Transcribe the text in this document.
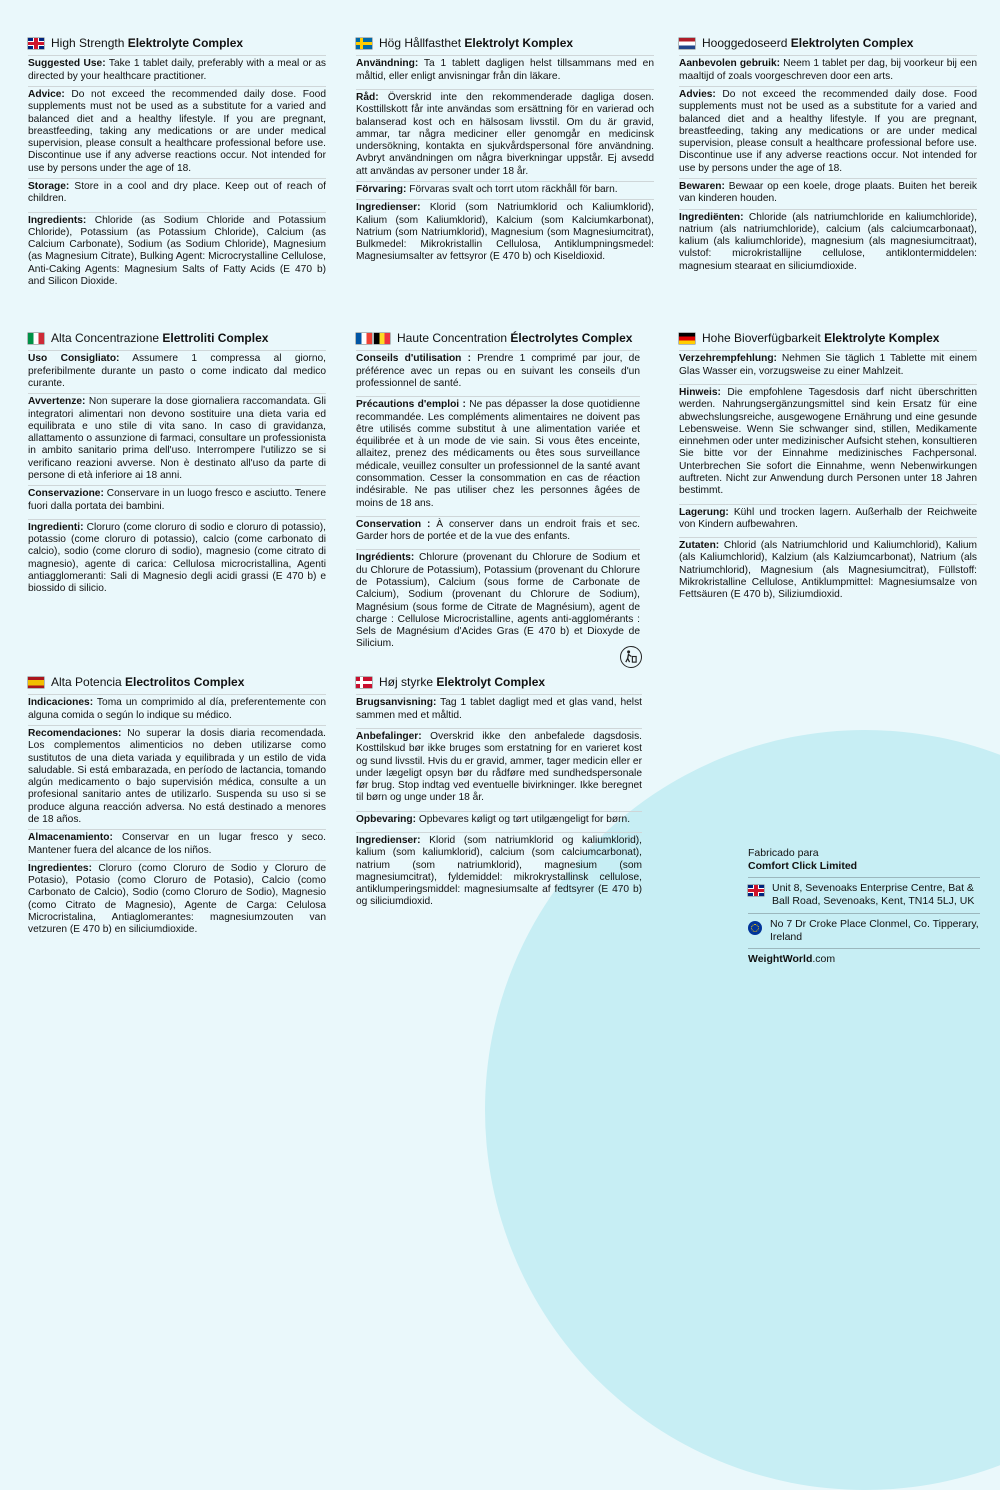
High Strength Elektrolyte Complex

Suggested Use: Take 1 tablet daily, preferably with a meal or as directed by your healthcare practitioner.

Advice: Do not exceed the recommended daily dose. Food supplements must not be used as a substitute for a varied and balanced diet and a healthy lifestyle. If you are pregnant, breastfeeding, taking any medications or are under medical supervision, please consult a healthcare professional before use. Discontinue use if any adverse reactions occur. Not intended for use by persons under the age of 18.

Storage: Store in a cool and dry place. Keep out of reach of children.

Ingredients: Chloride (as Sodium Chloride and Potassium Chloride), Potassium (as Potassium Chloride), Calcium (as Calcium Carbonate), Sodium (as Sodium Chloride), Magnesium (as Magnesium Citrate), Bulking Agent: Microcrystalline Cellulose, Anti-Caking Agents: Magnesium Salts of Fatty Acids (E 470 b) and Silicon Dioxide.

Hög Hållfasthet Elektrolyt Komplex

Användning: Ta 1 tablett dagligen helst tillsammans med en måltid, eller enligt anvisningar från din läkare.

Råd: Överskrid inte den rekommenderade dagliga dosen. Kosttillskott får inte användas som ersättning för en varierad och balanserad kost och en hälsosam livsstil. Om du är gravid, ammar, tar några mediciner eller genomgår en medicinsk undersökning, kontakta en sjukvårdspersonal före användning. Avbryt användningen om några biverkningar uppstår. Ej avsedd att användas av personer under 18 år.

Förvaring: Förvaras svalt och torrt utom räckhåll för barn.

Ingredienser: Klorid (som Natriumklorid och Kaliumklorid), Kalium (som Kaliumklorid), Kalcium (som Kalciumkarbonat), Natrium (som Natriumklorid), Magnesium (som Magnesiumcitrat), Bulkmedel: Mikrokristallin Cellulosa, Antiklumpningsmedel: Magnesiumsalter av fettsyror (E 470 b) och Kiseldioxid.

Hooggedoseerd Elektrolyten Complex

Aanbevolen gebruik: Neem 1 tablet per dag, bij voorkeur bij een maaltijd of zoals voorgeschreven door een arts.

Advies: Do not exceed the recommended daily dose. Food supplements must not be used as a substitute for a varied and balanced diet and a healthy lifestyle. If you are pregnant, breastfeeding, taking any medications or are under medical supervision, please consult a healthcare professional before use. Discontinue use if any adverse reactions occur. Not intended for use by persons under the age of 18.

Bewaren: Bewaar op een koele, droge plaats. Buiten het bereik van kinderen houden.

Ingrediënten: Chloride (als natriumchloride en kaliumchloride), natrium (als natriumchloride), calcium (als calciumcarbonaat), kalium (als kaliumchloride), magnesium (als magnesiumcitraat), vulstof: microkristallijne cellulose, antiklontermiddelen: magnesium stearaat en siliciumdioxide.

Alta Concentrazione Elettroliti Complex

Uso Consigliato: Assumere 1 compressa al giorno, preferibilmente durante un pasto o come indicato dal medico curante.

Avvertenze: Non superare la dose giornaliera raccomandata. Gli integratori alimentari non devono sostituire una dieta varia ed equilibrata e uno stile di vita sano. In caso di gravidanza, allattamento o assunzione di farmaci, consultare un professionista in ambito sanitario prima dell'uso. Interrompere l'utilizzo se si verificano reazioni avverse. Non è destinato all'uso da parte di persone di età inferiore ai 18 anni.

Conservazione: Conservare in un luogo fresco e asciutto. Tenere fuori dalla portata dei bambini.

Ingredienti: Cloruro (come cloruro di sodio e cloruro di potassio), potassio (come cloruro di potassio), calcio (come carbonato di calcio), sodio (come cloruro di sodio), magnesio (come citrato di magnesio), agente di carica: Cellulosa microcristallina, Agenti antiagglomeranti: Sali di Magnesio degli acidi grassi (E 470 b) e biossido di silicio.

Haute Concentration Électrolytes Complex

Conseils d'utilisation : Prendre 1 comprimé par jour, de préférence avec un repas ou en suivant les conseils d'un professionnel de santé.

Précautions d'emploi : Ne pas dépasser la dose quotidienne recommandée. Les compléments alimentaires ne doivent pas être utilisés comme substitut à une alimentation variée et équilibrée et à un mode de vie sain. Si vous êtes enceinte, allaitez, prenez des médicaments ou êtes sous surveillance médicale, veuillez consulter un professionnel de la santé avant consommation. Cesser la consommation en cas de réaction indésirable. Ne pas utiliser chez les personnes âgées de moins de 18 ans.

Conservation : À conserver dans un endroit frais et sec. Garder hors de portée et de la vue des enfants.

Ingrédients: Chlorure (provenant du Chlorure de Sodium et du Chlorure de Potassium), Potassium (provenant du Chlorure de Potassium), Calcium (sous forme de Carbonate de Calcium), Sodium (provenant du Chlorure de Sodium), Magnésium (sous forme de Citrate de Magnésium), agent de charge : Cellulose Microcristalline, agents anti-agglomérants : Sels de Magnésium d'Acides Gras (E 470 b) et Dioxyde de Silicium.

Hohe Bioverfügbarkeit Elektrolyte Komplex

Verzehrempfehlung: Nehmen Sie täglich 1 Tablette mit einem Glas Wasser ein, vorzugsweise zu einer Mahlzeit.

Hinweis: Die empfohlene Tagesdosis darf nicht überschritten werden. Nahrungsergänzungsmittel sind kein Ersatz für eine abwechslungsreiche, ausgewogene Ernährung und eine gesunde Lebensweise. Wenn Sie schwanger sind, stillen, Medikamente einnehmen oder unter medizinischer Aufsicht stehen, konsultieren Sie bitte vor der Einnahme medizinisches Fachpersonal. Unterbrechen Sie sofort die Einnahme, wenn Nebenwirkungen auftreten. Nicht zur Anwendung durch Personen unter 18 Jahren bestimmt.

Lagerung: Kühl und trocken lagern. Außerhalb der Reichweite von Kindern aufbewahren.

Zutaten: Chlorid (als Natriumchlorid und Kaliumchlorid), Kalium (als Kaliumchlorid), Kalzium (als Kalziumcarbonat), Natrium (als Natriumchlorid), Magnesium (als Magnesiumcitrat), Füllstoff: Mikrokristalline Cellulose, Antiklumpmittel: Magnesiumsalze von Fettsäuren (E 470 b), Siliziumdioxid.

Alta Potencia Electrolitos Complex

Indicaciones: Toma un comprimido al día, preferentemente con alguna comida o según lo indique su médico.

Recomendaciones: No superar la dosis diaria recomendada. Los complementos alimenticios no deben utilizarse como sustitutos de una dieta variada y equilibrada y un estilo de vida saludable. Si está embarazada, en período de lactancia, tomando algún medicamento o bajo supervisión médica, consulte a un profesional sanitario antes de utilizarlo. Suspenda su uso si se produce alguna reacción adversa. No está destinado a menores de 18 años.

Almacenamiento: Conservar en un lugar fresco y seco. Mantener fuera del alcance de los niños.

Ingredientes: Cloruro (como Cloruro de Sodio y Cloruro de Potasio), Potasio (como Cloruro de Potasio), Calcio (como Carbonato de Calcio), Sodio (como Cloruro de Sodio), Magnesio (como Citrato de Magnesio), Agente de Carga: Celulosa Microcristalina, Antiaglomerantes: magnesiumzouten van vetzuren (E 470 b) en siliciumdioxide.

Høj styrke Elektrolyt Complex

Brugsanvisning: Tag 1 tablet dagligt med et glas vand, helst sammen med et måltid.

Anbefalinger: Overskrid ikke den anbefalede dagsdosis. Kosttilskud bør ikke bruges som erstatning for en varieret kost og sund livsstil. Hvis du er gravid, ammer, tager medicin eller er under lægeligt opsyn bør du rådføre med sundhedspersonale før brug. Stop indtag ved eventuelle bivirkninger. Ikke beregnet til børn og unge under 18 år.

Opbevaring: Opbevares køligt og tørt utilgængeligt for børn.

Ingredienser: Klorid (som natriumklorid og kaliumklorid), kalium (som kaliumklorid), calcium (som calciumcarbonat), natrium (som natriumklorid), magnesium (som magnesiumcitrat), fyldemiddel: mikrokrystallinsk cellulose, antiklumperingsmiddel: magnesiumsalte af fedtsyrer (E 470 b) og siliciumdioxid.

Fabricado para
Comfort Click Limited
Unit 8, Sevenoaks Enterprise Centre, Bat & Ball Road, Sevenoaks, Kent, TN14 5LJ, UK
No 7 Dr Croke Place Clonmel, Co. Tipperary, Ireland
WeightWorld.com
